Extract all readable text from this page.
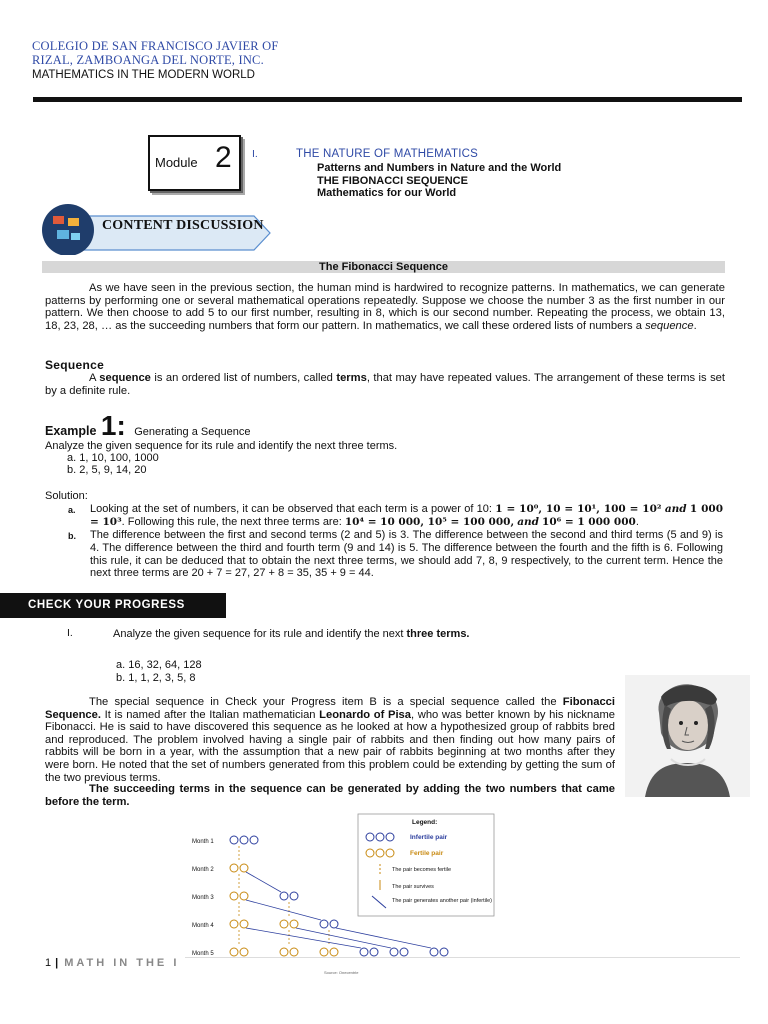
COLEGIO DE SAN FRANCISCO JAVIER OF
RIZAL, ZAMBOANGA DEL NORTE, INC.
MATHEMATICS IN THE MODERN WORLD
Module 2 I.	THE NATURE OF MATHEMATICS
Patterns and Numbers in Nature and the World
THE FIBONACCI SEQUENCE
Mathematics for our World
CONTENT DISCUSSION
The Fibonacci Sequence
As we have seen in the previous section, the human mind is hardwired to recognize patterns. In mathematics, we can generate patterns by performing one or several mathematical operations repeatedly. Suppose we choose the number 3 as the first number in our pattern. We then choose to add 5 to our first number, resulting in 8, which is our second number. Repeating the process, we obtain 13, 18, 23, 28, … as the succeeding numbers that form our pattern. In mathematics, we call these ordered lists of numbers a sequence.
Sequence
A sequence is an ordered list of numbers, called terms, that may have repeated values. The arrangement of these terms is set by a definite rule.
Example 1: Generating a Sequence
Analyze the given sequence for its rule and identify the next three terms.
a. 1, 10, 100, 1000
b. 2, 5, 9, 14, 20
Solution:
a. Looking at the set of numbers, it can be observed that each term is a power of 10: 1 = 10⁰, 10 = 10¹, 100 = 10² and 1 000 = 10³. Following this rule, the next three terms are: 10⁴ = 10 000, 10⁵ = 100 000, and 10⁶ = 1 000 000.
b. The difference between the first and second terms (2 and 5) is 3. The difference between the second and third terms (5 and 9) is 4. The difference between the third and fourth term (9 and 14) is 5. The difference between the fourth and the fifth is 6. Following this rule, it can be deduced that to obtain the next three terms, we should add 7, 8, 9 respectively, to the current term. Hence the next three terms are 20 + 7 = 27, 27 + 8 = 35, 35 + 9 = 44.
CHECK YOUR PROGRESS
I.	Analyze the given sequence for its rule and identify the next three terms.
a. 16, 32, 64, 128
b. 1, 1, 2, 3, 5, 8
The special sequence in Check your Progress item B is a special sequence called the Fibonacci Sequence. It is named after the Italian mathematician Leonardo of Pisa, who was better known by his nickname Fibonacci. He is said to have discovered this sequence as he looked at how a hypothesized group of rabbits bred and reproduced. The problem involved having a single pair of rabbits and then finding out how many pairs of rabbits will be born in a year, with the assumption that a new pair of rabbits beginning at two months after they were born. He noted that the set of numbers generated from this problem could be extending by getting the sum of the two previous terms.
The succeeding terms in the sequence can be generated by adding the two numbers that came before the term.
Month 1
Month 2
Month 3
Month 4
Month 5
Source: Onecentrle
Legend:
Infertile pair
Fertile pair
The pair becomes fertile
The pair survives
The pair generates another pair (infertile)
1 | MATH IN THE I
